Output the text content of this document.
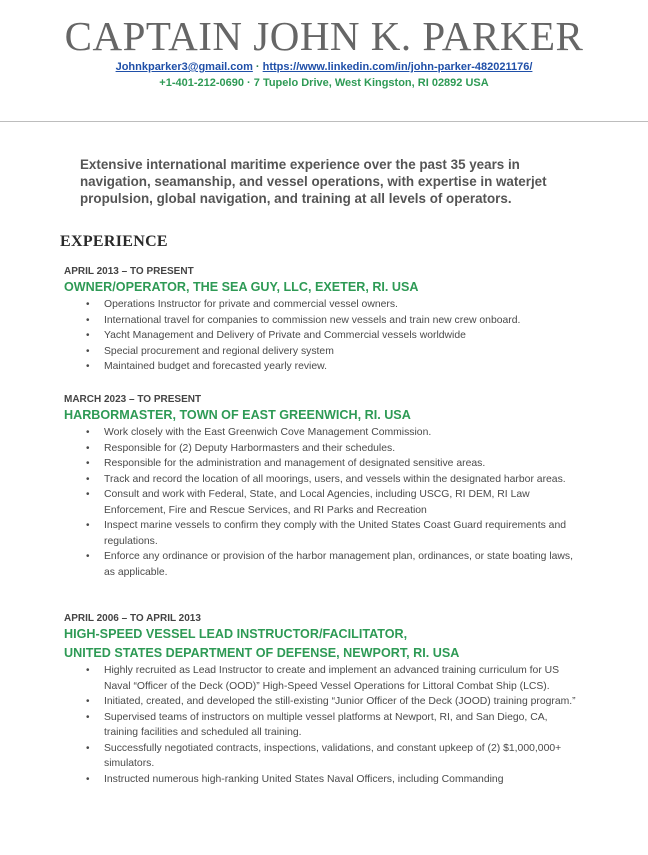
CAPTAIN JOHN K. PARKER
Johnkparker3@gmail.com · https://www.linkedin.com/in/john-parker-482021176/
+1-401-212-0690 · 7 Tupelo Drive, West Kingston, RI 02892 USA
Extensive international maritime experience over the past 35 years in navigation, seamanship, and vessel operations, with expertise in waterjet propulsion, global navigation, and training at all levels of operators.
EXPERIENCE
APRIL 2013 – TO PRESENT
OWNER/OPERATOR, THE SEA GUY, LLC, EXETER, RI. USA
• Operations Instructor for private and commercial vessel owners.
• International travel for companies to commission new vessels and train new crew onboard.
• Yacht Management and Delivery of Private and Commercial vessels worldwide
• Special procurement and regional delivery system
• Maintained budget and forecasted yearly review.
MARCH 2023 – TO PRESENT
HARBORMASTER, TOWN OF EAST GREENWICH, RI. USA
• Work closely with the East Greenwich Cove Management Commission.
• Responsible for (2) Deputy Harbormasters and their schedules.
• Responsible for the administration and management of designated sensitive areas.
• Track and record the location of all moorings, users, and vessels within the designated harbor areas.
• Consult and work with Federal, State, and Local Agencies, including USCG, RI DEM, RI Law Enforcement, Fire and Rescue Services, and RI Parks and Recreation
• Inspect marine vessels to confirm they comply with the United States Coast Guard requirements and regulations.
• Enforce any ordinance or provision of the harbor management plan, ordinances, or state boating laws, as applicable.
APRIL 2006 – TO APRIL 2013
HIGH-SPEED VESSEL LEAD INSTRUCTOR/FACILITATOR,
UNITED STATES DEPARTMENT OF DEFENSE, NEWPORT, RI. USA
• Highly recruited as Lead Instructor to create and implement an advanced training curriculum for US Naval “Officer of the Deck (OOD)” High-Speed Vessel Operations for Littoral Combat Ship (LCS).
• Initiated, created, and developed the still-existing “Junior Officer of the Deck (JOOD) training program.”
• Supervised teams of instructors on multiple vessel platforms at Newport, RI, and San Diego, CA, training facilities and scheduled all training.
• Successfully negotiated contracts, inspections, validations, and constant upkeep of (2) $1,000,000+ simulators.
• Instructed numerous high-ranking United States Naval Officers, including Commanding
